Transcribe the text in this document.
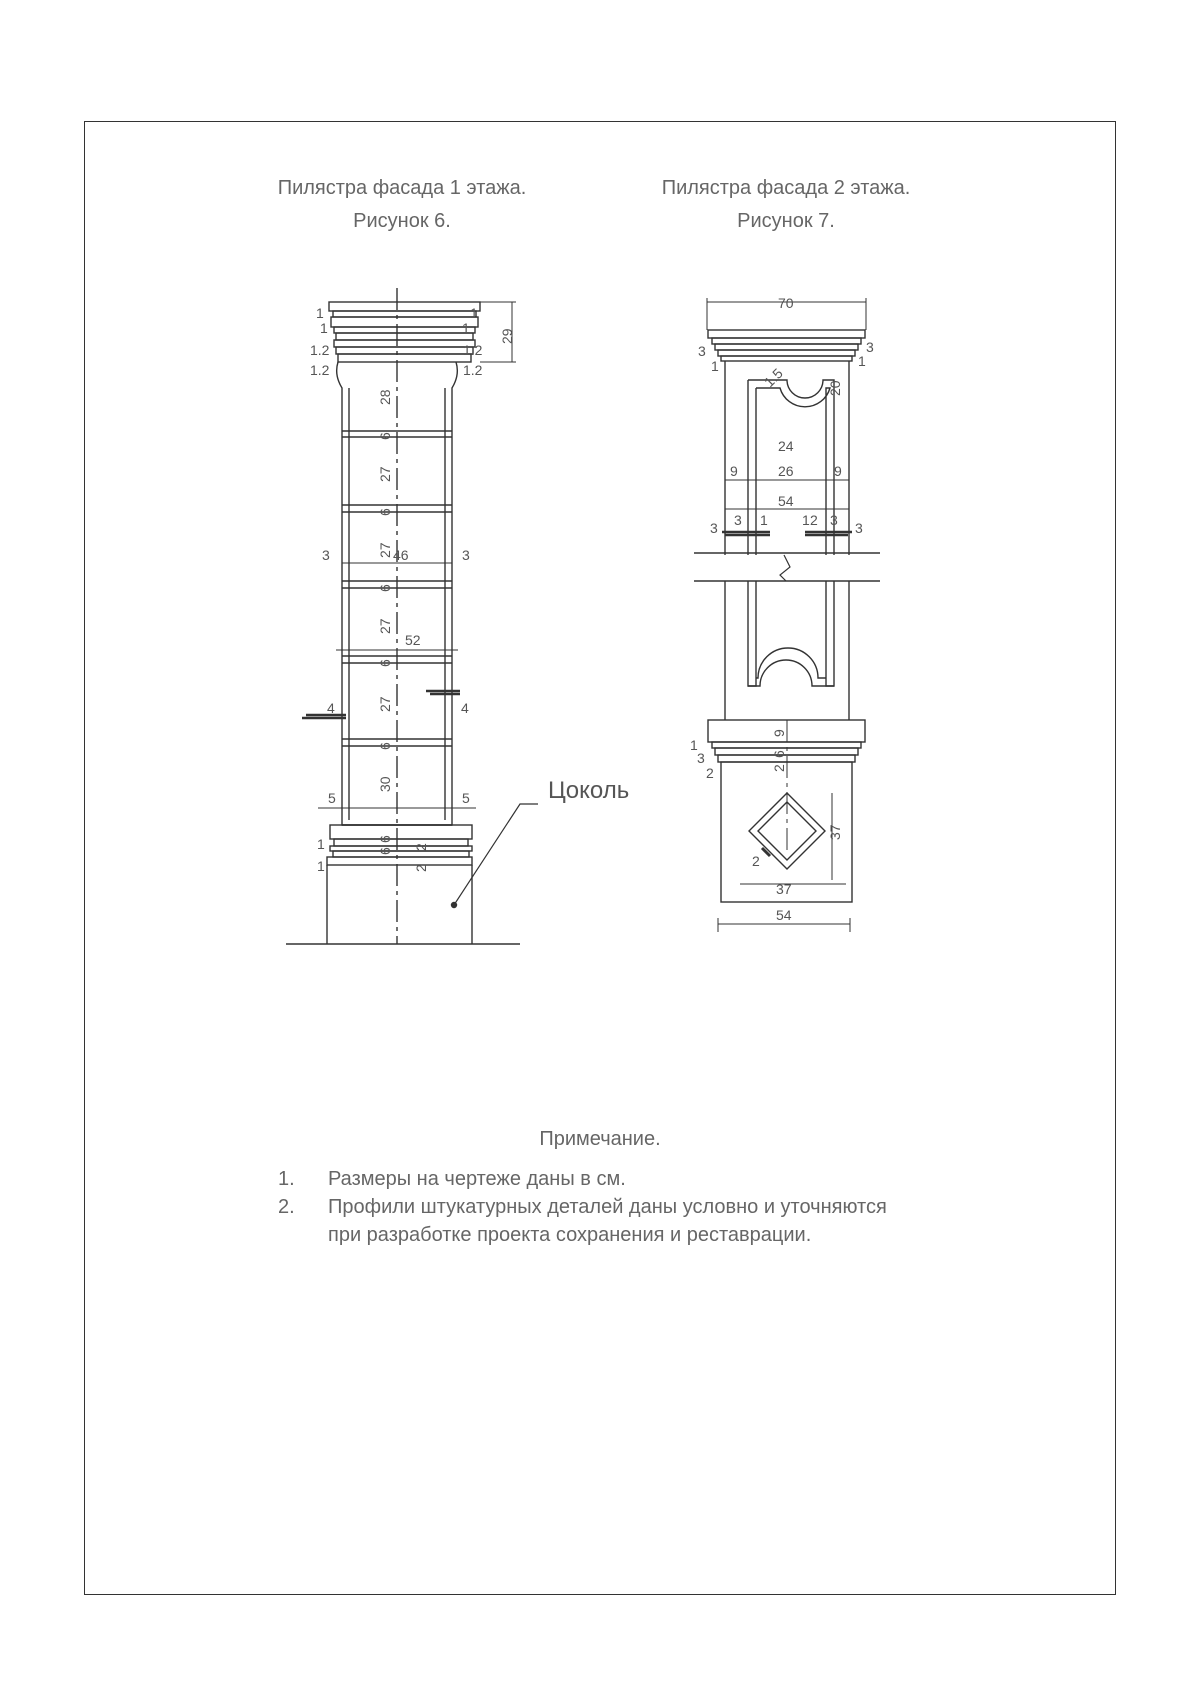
Пилястра фасада 1 этажа.
Рисунок 6.
Пилястра фасада 2 этажа.
Рисунок 7.
1
1
1.2
1.2
1
1
1.2
1.2
29
28
6
27
6
27
6
27
6
27
6
30
6
6
46
52
3	3
4	4
5	5
1
1
2
2
70
3
1
3
1
20
1.5
24
26
54
9	9
3 3 1 1 2 3 3
9
6
2
1
3
2
37
37
2
54
Цоколь
Примечание.
1. Размеры на чертеже даны в см.
2. Профили штукатурных деталей даны условно и уточняются при разработке проекта сохранения и реставрации.
